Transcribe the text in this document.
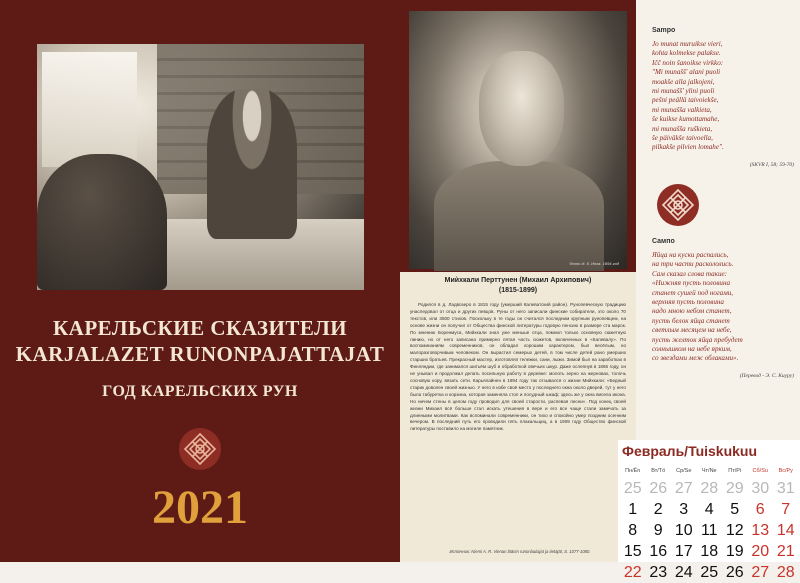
КАРЕЛЬСКИЕ СКАЗИТЕЛИ
KARJALAZET RUNONPAJATTAJAT
ГОД КАРЕЛЬСКИХ РУН
2021
Фото И. К. Инха. 1894 год
Миѝхкали Перттунен (Михаил Архипович)
(1815-1899)
Родился в д. Ладвозеро в 1815 году (умерший Калеватский район). Рунопевческую традицию унаследовал от отца и других певцов. Руны от него записали финские собиратели, это около 70 текстов, или 3500 стихов. Поскольку в те годы он считался последним крупным рунопевцем, на основе жизни он получил от Общества финской литературы годовую пенсию в размере ста марок. По мнению Боренмуса, Мийхкали знал уже меньше отца, помнил только основную сюжетную линию, но от него записана примерно пятая часть сюжетов, включенных в «Калевалу». По воспоминаниям современников, он обладал хорошим характером, был весёлым, но малоразговорчивым человеком. Он вырастил семерых детей, в том числе детей рано умерших старших братьев. Прекрасный мастер, изготовлял тележки, сани, лыжи. Зимой был на заработках в Финляндии, где занимался шитьём шуб и обработкой овечьих шкур. Даже ослепнув в 1865 году, он не унывал и продолжал делать посильную работу в деревне: молоть зерно на жерновах, толочь сосновую кору, вязать сети. Карьялайнен в 1894 году так отзывался о жизни Мийхкали: «Бедный старик доволен своей жизнью. У него в избе своё место у последнего окна около дверей, тут у него была табуретка и корзина, которая заменяла стол и посудный шкаф; здесь же у окна висела икона. Но ничем стены в целом году проводил для своей старости, распевая песни». Под конец своей жизни Михаил всё больше стал искать утешения в вере и его все чаще стали замечать за длинными молитвами. Как вспоминали современники, он тихо и спокойно умер поздним осенним вечером. В последний путь его проводили пять плакальщиц, а в 1909 году Общество финской литературы поставило на могиле памятник.
Источник: Niemi A. R. Vienan läänin runonlaulajat ja tietäjät, S. 1077-1080.
Sampo
Jo munat muruikse vieri,
kohta kolmekse palakse.
Ičč noin šanoikse virkko:
"Mi munašš' alani puoli
moakše alla jalkojeni,
mi munašš' ylini puoli
pešni peällä taivoiekše,
mi munašša valkieta,
še kuikse kumottamahe,
mi munašša ruškieta,
še päiväkše taivoella,
pilkakše pilvien lomahe".
(SKVR I, 58; 59-70)
Сампо
Яйца на куски распались,
на три части раскололись.
Сам сказал слова такие:
«Нижняя пусть половина
станет сушей под ногами,
верхняя пусть половина
надо мною небом станет,
пусть белок яйца станет
светлым месяцем на небе,
пусть желток яйца пребудет
солнышком на небе ярким,
со звездами меж облаками».
(Перевод - Э. С. Киуру)
Февраль/Tuiskukuu
Пн/Ên	Вт/Tö	Ср/Se	Чт/Ne	Пт/Pi	Сб/Su	Вс/Py
25 26 27 28 29 30 31
1	2	3	4	5	6	7
8	9 10 11 12 13 14
15 16 17 18 19 20 21
22 23 24 25 26 27 28
